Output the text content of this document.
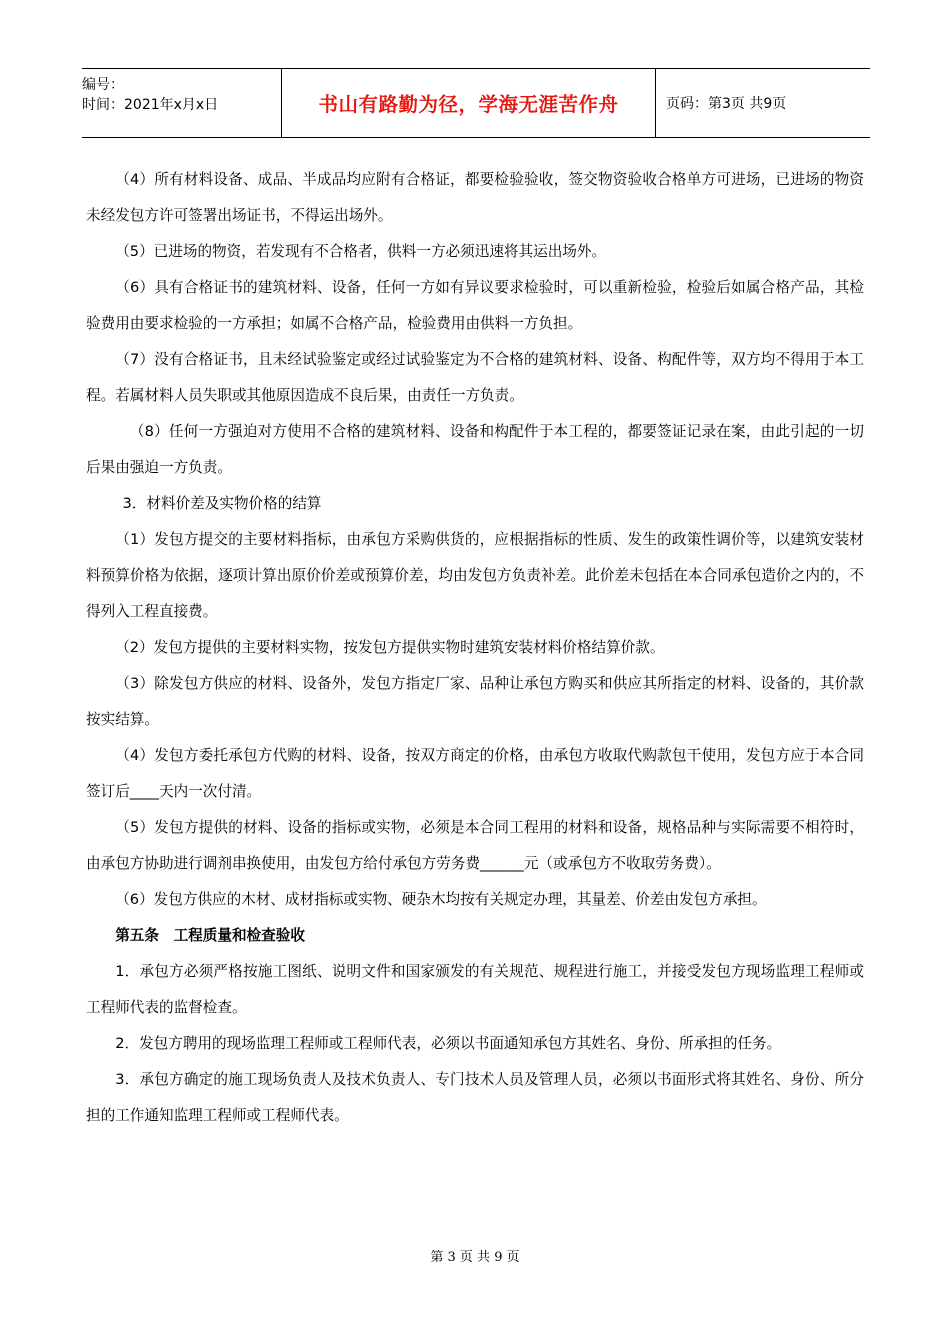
编号：
时间：2021年x月x日	书山有路勤为径，学海无涯苦作舟	页码：第3页 共9页

（4）所有材料设备、成品、半成品均应附有合格证，都要检验验收，签交物资验收合格单方可进场，已进场的物资未经发包方许可签署出场证书，不得运出场外。

（5）已进场的物资，若发现有不合格者，供料一方必须迅速将其运出场外。

（6）具有合格证书的建筑材料、设备，任何一方如有异议要求检验时，可以重新检验，检验后如属合格产品，其检验费用由要求检验的一方承担；如属不合格产品，检验费用由供料一方负担。

（7）没有合格证书，且未经试验鉴定或经过试验鉴定为不合格的建筑材料、设备、构配件等，双方均不得用于本工程。若属材料人员失职或其他原因造成不良后果，由责任一方负责。

（8）任何一方强迫对方使用不合格的建筑材料、设备和构配件于本工程的，都要签证记录在案，由此引起的一切后果由强迫一方负责。

3．材料价差及实物价格的结算

（1）发包方提交的主要材料指标，由承包方采购供货的，应根据指标的性质、发生的政策性调价等，以建筑安装材料预算价格为依据，逐项计算出原价价差或预算价差，均由发包方负责补差。此价差未包括在本合同承包造价之内的，不得列入工程直接费。

（2）发包方提供的主要材料实物，按发包方提供实物时建筑安装材料价格结算价款。

（3）除发包方供应的材料、设备外，发包方指定厂家、品种让承包方购买和供应其所指定的材料、设备的，其价款按实结算。

（4）发包方委托承包方代购的材料、设备，按双方商定的价格，由承包方收取代购款包干使用，发包方应于本合同签订后____天内一次付清。

（5）发包方提供的材料、设备的指标或实物，必须是本合同工程用的材料和设备，规格品种与实际需要不相符时，由承包方协助进行调剂串换使用，由发包方给付承包方劳务费______元（或承包方不收取劳务费）。

（6）发包方供应的木材、成材指标或实物、硬杂木均按有关规定办理，其量差、价差由发包方承担。

第五条　工程质量和检查验收

1．承包方必须严格按施工图纸、说明文件和国家颁发的有关规范、规程进行施工，并接受发包方现场监理工程师或工程师代表的监督检查。

2．发包方聘用的现场监理工程师或工程师代表，必须以书面通知承包方其姓名、身份、所承担的任务。

3．承包方确定的施工现场负责人及技术负责人、专门技术人员及管理人员，必须以书面形式将其姓名、身份、所分担的工作通知监理工程师或工程师代表。

第 3 页 共 9 页
